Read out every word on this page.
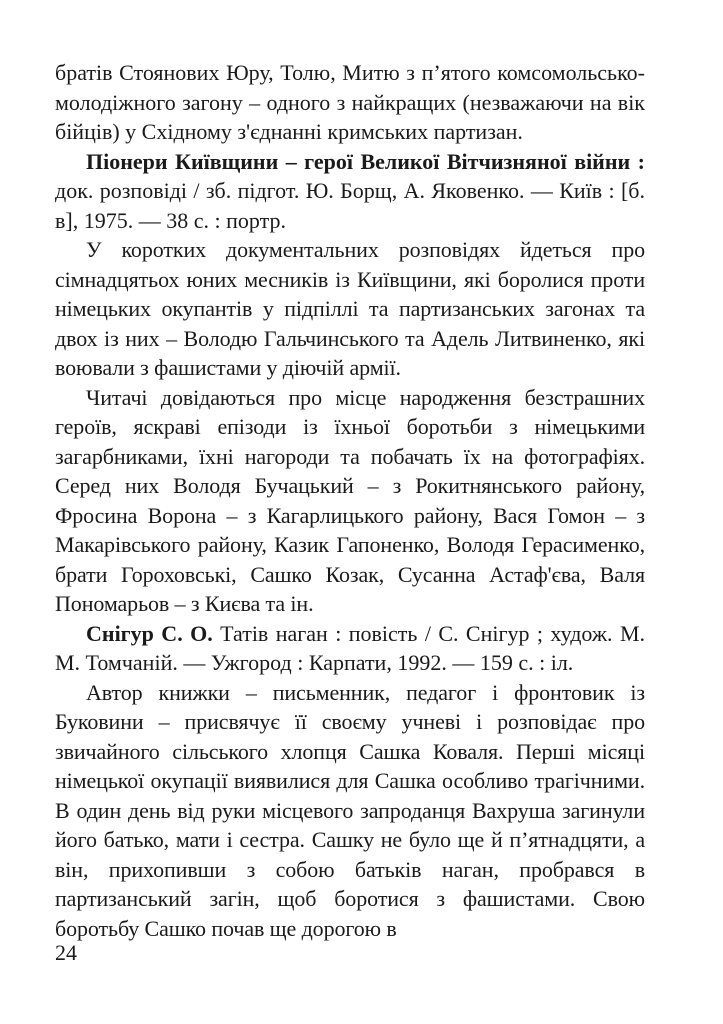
братів Стоянових Юру, Толю, Митю з п’ятого комсомольсько-молодіжного загону – одного з найкращих (незважаючи на вік бійців) у Східному з'єднанні кримських партизан.

Піонери Київщини – герої Великої Вітчизняної війни : док. розповіді / зб. підгот. Ю. Борщ, А. Яковенко. — Київ : [б. в], 1975. — 38 с. : портр.

У коротких документальних розповідях йдеться про сімнадцятьох юних месників із Київщини, які боролися проти німецьких окупантів у підпіллі та партизанських загонах та двох із них – Володю Гальчинського та Адель Литвиненко, які воювали з фашистами у діючій армії.

Читачі довідаються про місце народження безстрашних героїв, яскраві епізоди із їхньої боротьби з німецькими загарбниками, їхні нагороди та побачать їх на фотографіях. Серед них Володя Бучацький – з Рокитнянського району, Фросина Ворона – з Кагарлицького району, Вася Гомон – з Макарівського району, Казик Гапоненко, Володя Герасименко, брати Гороховські, Сашко Козак, Сусанна Астаф'єва, Валя Пономарьов – з Києва та ін.

Снігур С. О. Татів наган : повість / С. Снігур ; худож. М. М. Томчаній. — Ужгород : Карпати, 1992. — 159 с. : іл.

Автор книжки – письменник, педагог і фронтовик із Буковини – присвячує її своєму учневі і розповідає про звичайного сільського хлопця Сашка Коваля. Перші місяці німецької окупації виявилися для Сашка особливо трагічними. В один день від руки місцевого запроданця Вахруша загинули його батько, мати і сестра. Сашку не було ще й п’ятнадцяти, а він, прихопивши з собою батьків наган, пробрався в партизанський загін, щоб боротися з фашистами. Свою боротьбу Сашко почав ще дорогою в

24
